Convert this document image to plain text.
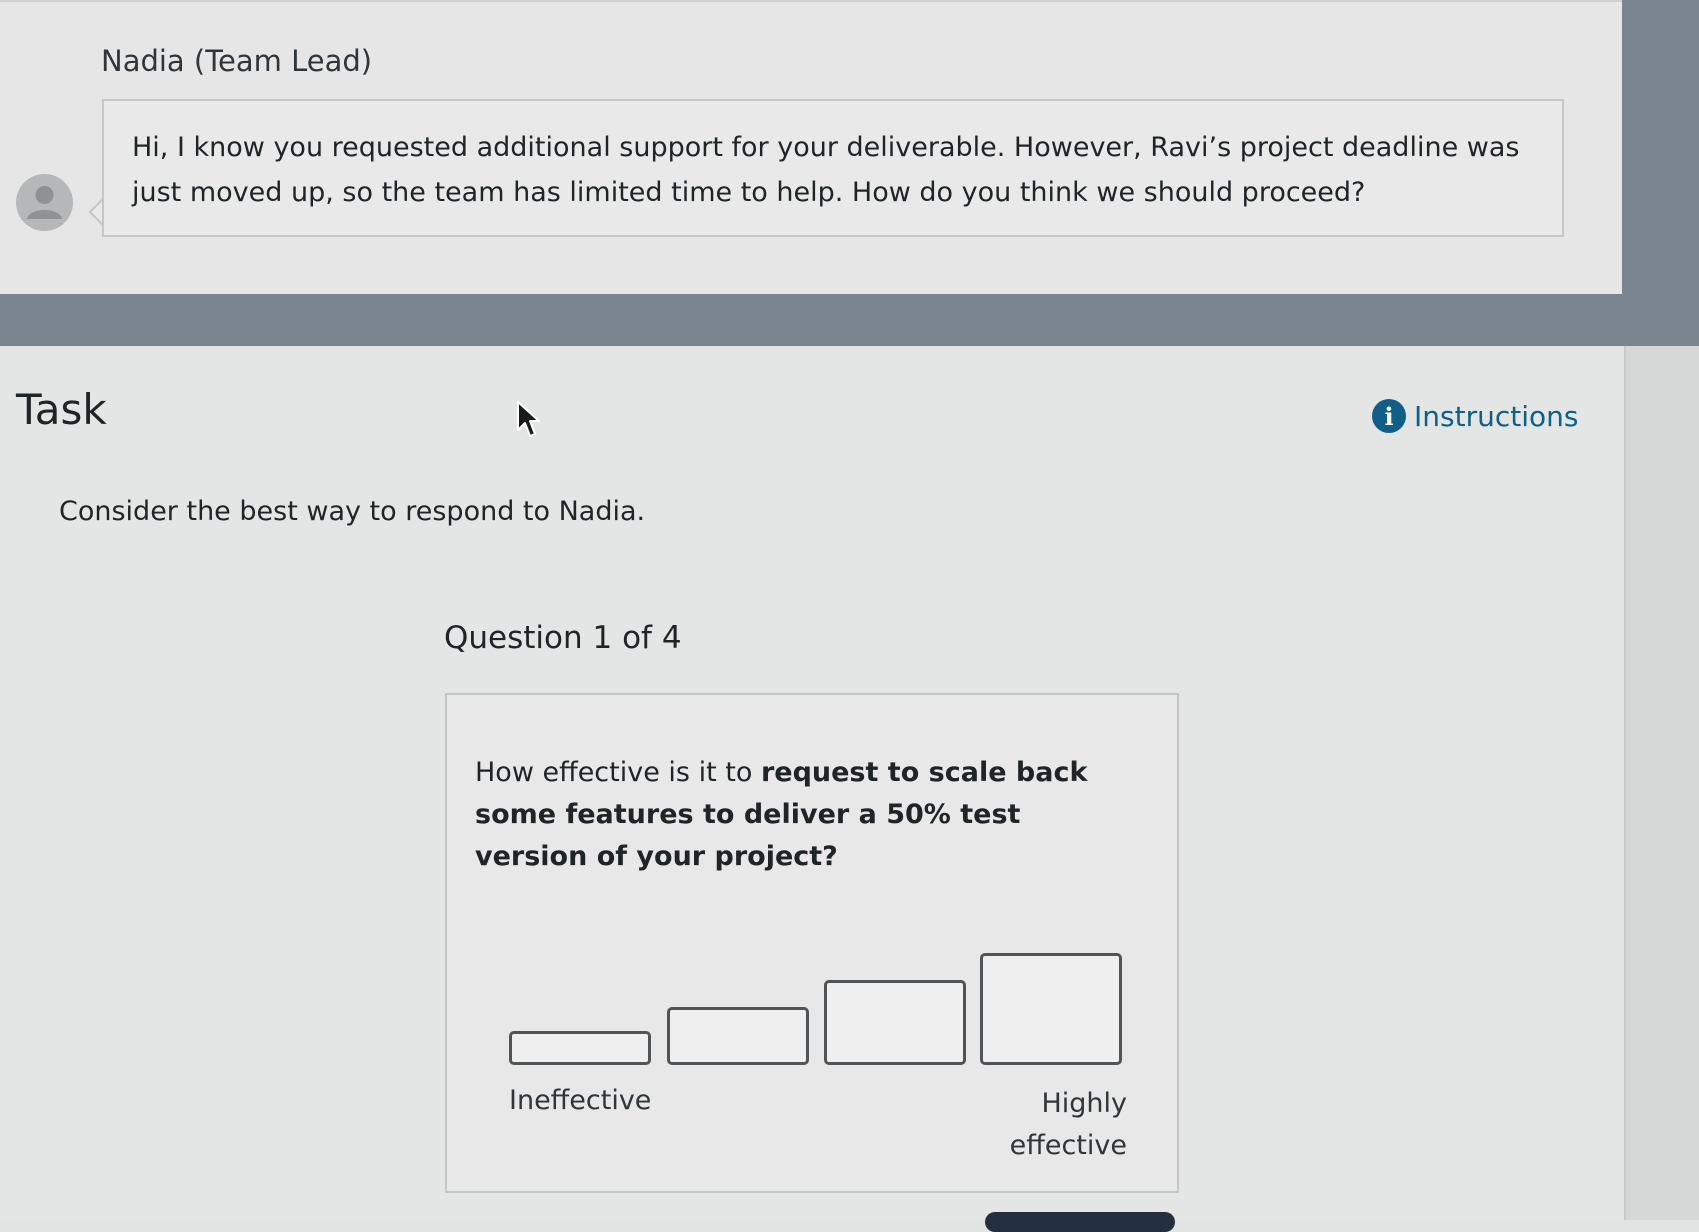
Nadia (Team Lead)
Hi, I know you requested additional support for your deliverable. However, Ravi’s project deadline was just moved up, so the team has limited time to help. How do you think we should proceed?
Task	i Instructions
Consider the best way to respond to Nadia.
Question 1 of 4
How effective is it to request to scale back some features to deliver a 50% test version of your project?
Ineffective	Highly
effective
